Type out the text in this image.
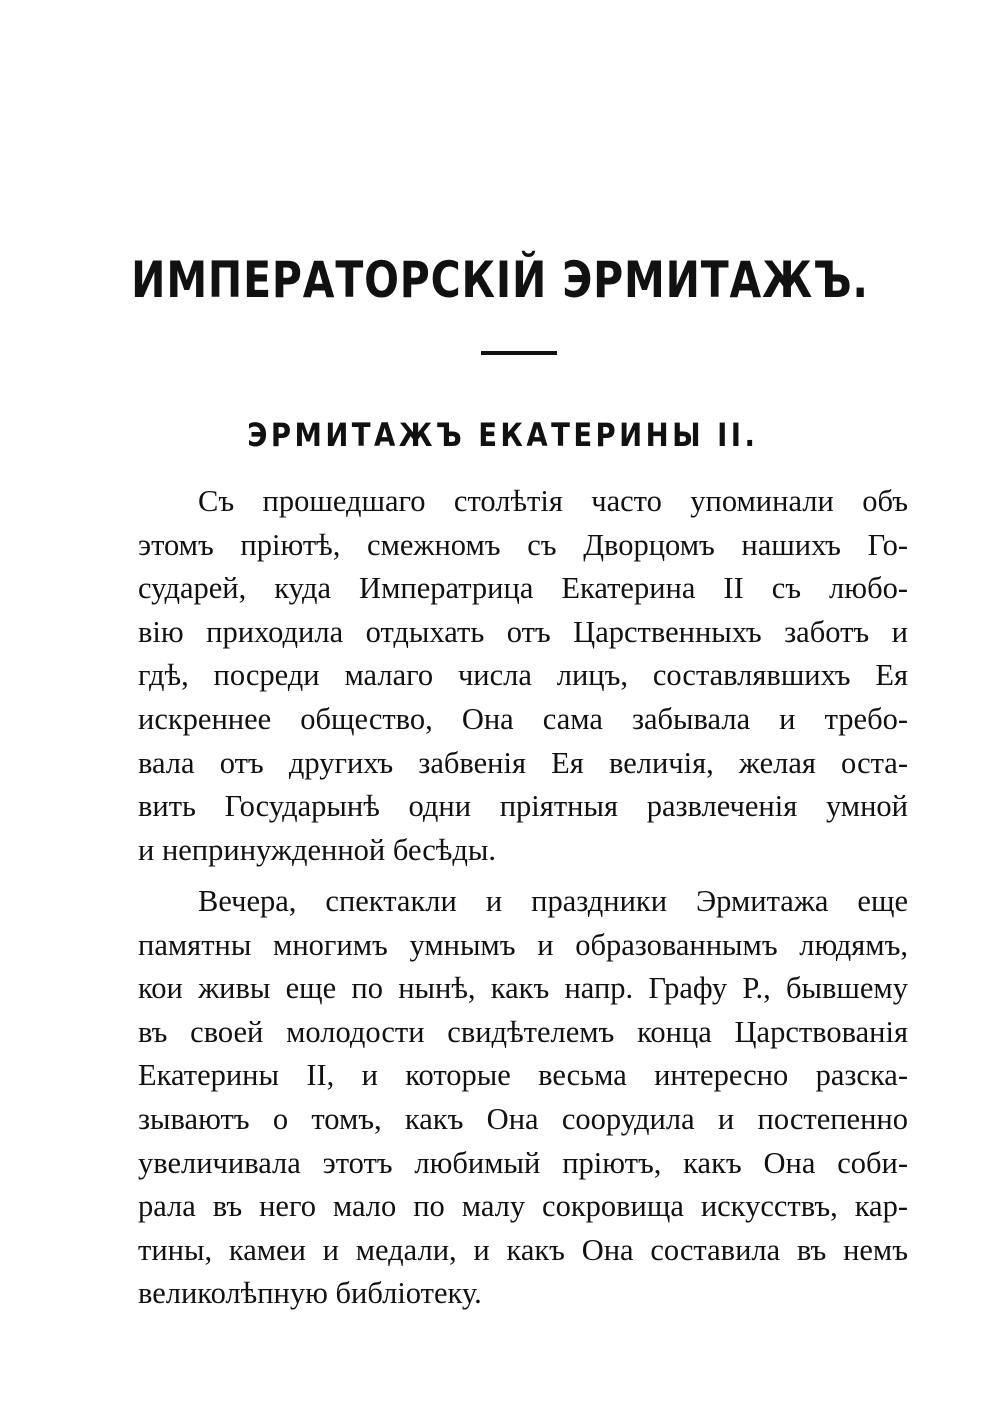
ИМПЕРАТОРСКІЙ ЭРМИТАЖЪ.
ЭРМИТАЖЪ ЕКАТЕРИНЫ II.
Съ прошедшаго столѣтія часто упоминали объ
этомъ пріютѣ, смежномъ съ Дворцомъ нашихъ Го-
сударей, куда Императрица Екатерина II съ любо-
вію приходила отдыхать отъ Царственныхъ заботъ и
гдѣ, посреди малаго числа лицъ, составлявшихъ Ея
искреннее общество, Она сама забывала и требо-
вала отъ другихъ забвенія Ея величія, желая оста-
вить Государынѣ одни пріятныя развлеченія умной
и непринужденной бесѣды.
Вечера, спектакли и праздники Эрмитажа еще
памятны многимъ умнымъ и образованнымъ людямъ,
кои живы еще по нынѣ, какъ напр. Графу Р., бывшему
въ своей молодости свидѣтелемъ конца Царствованія
Екатерины II, и которые весьма интересно разска-
зываютъ о томъ, какъ Она соорудила и постепенно
увеличивала этотъ любимый пріютъ, какъ Она соби-
рала въ него мало по малу сокровища искусствъ, кар-
тины, камеи и медали, и какъ Она составила въ немъ
великолѣпную библіотеку.
